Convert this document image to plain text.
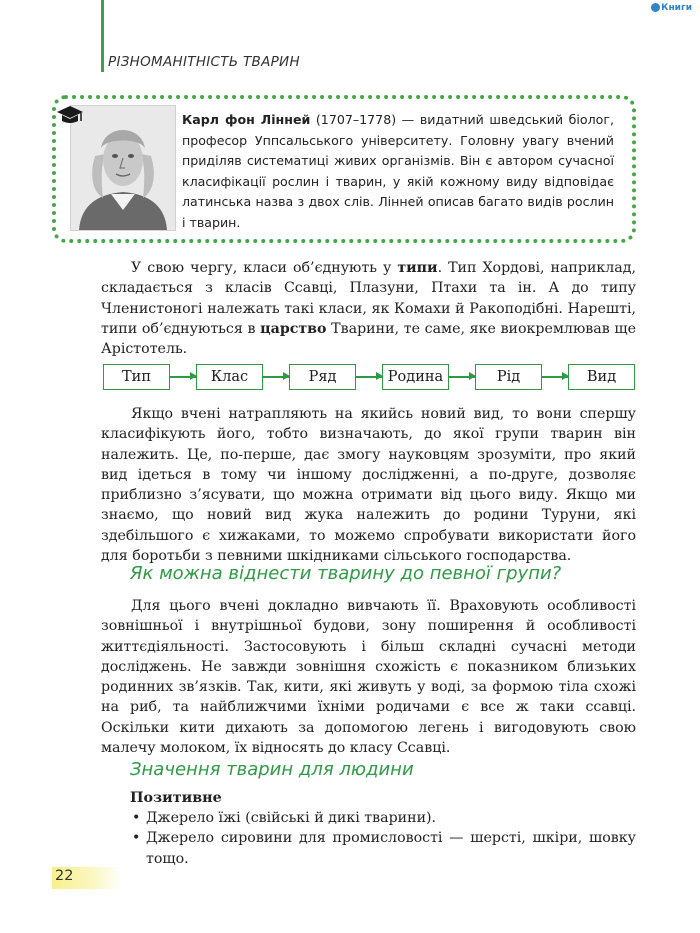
Книги
РІЗНОМАНІТНІСТЬ ТВАРИН
Карл фон Лінней (1707–1778) — видатний шведський біолог, професор Уппсальського університету. Головну увагу вчений приділяв систематиці живих організмів. Він є автором сучасної класифікації рослин і тварин, у якій кожному виду відповідає латинська назва з двох слів. Лінней описав багато видів рослин і тварин.

У свою чергу, класи об’єднують у типи. Тип Хордові, наприклад, складається з класів Ссавці, Плазуни, Птахи та ін. А до типу Членистоногі належать такі класи, як Комахи й Ракоподібні. Нарешті, типи об’єднуються в царство Тварини, те саме, яке виокремлював ще Арістотель.

Тип	Клас	Ряд	Родина	Рід	Вид

Якщо вчені натрапляють на якийсь новий вид, то вони спершу класифікують його, тобто визначають, до якої групи тварин він належить. Це, по-перше, дає змогу науковцям зрозуміти, про який вид ідеться в тому чи іншому дослідженні, а по-друге, дозволяє приблизно з’ясувати, що можна отримати від цього виду. Якщо ми знаємо, що новий вид жука належить до родини Туруни, які здебільшого є хижаками, то можемо спробувати використати його для боротьби з певними шкідниками сільського господарства.

Як можна віднести тварину до певної групи?

Для цього вчені докладно вивчають її. Враховують особливості зовнішньої і внутрішньої будови, зону поширення й особливості життєдіяльності. Застосовують і більш складні сучасні методи досліджень. Не завжди зовнішня схожість є показником близьких родинних зв’язків. Так, кити, які живуть у воді, за формою тіла схожі на риб, та найближчими їхніми родичами є все ж таки ссавці. Оскільки кити дихають за допомогою легень і вигодовують свою малечу молоком, їх відносять до класу Ссавці.

Значення тварин для людини
Позитивне
• Джерело їжі (свійські й дикі тварини).
• Джерело сировини для промисловості — шерсті, шкіри, шовку тощо.
22
